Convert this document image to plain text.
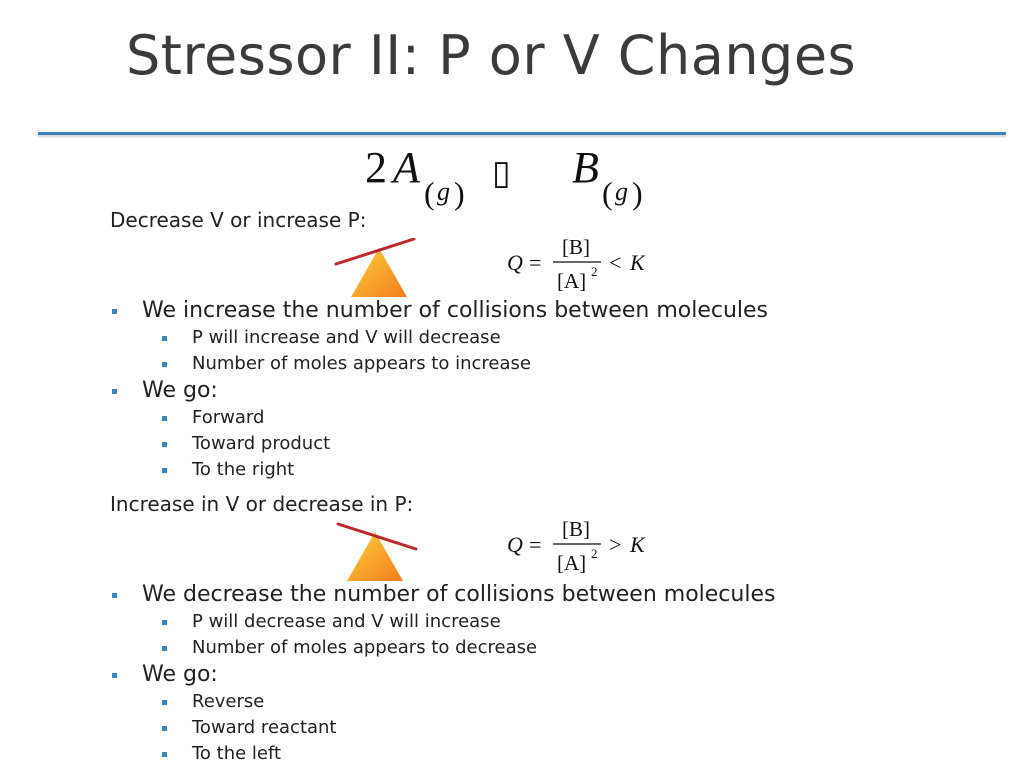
Stressor II: P or V Changes
2 A
( g ) ▯ B
( g )
Decrease V or increase P:
Q =
[B]
[A] 2 < K
We increase the number of collisions between molecules
P will increase and V will decrease
Number of moles appears to increase
We go:
Forward
Toward product
To the right
Increase in V or decrease in P:
Q =
[B]
[A] 2 > K
We decrease the number of collisions between molecules
P will decrease and V will increase
Number of moles appears to decrease
We go:
Reverse
Toward reactant
To the left
